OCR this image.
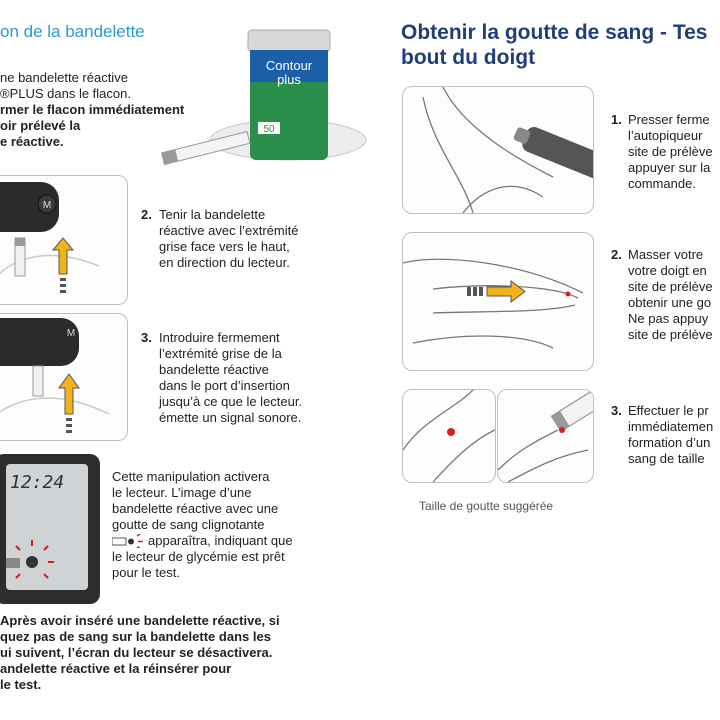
on de la bandelette
ne bandelette réactive
®PLUS dans le flacon.
rmer le flacon immédiatement
oir prélevé la
e réactive.
Contour
plus
50
M
2. Tenir la bandelette
réactive avec l’extrémité
grise face vers le haut,
en direction du lecteur.
M	3. Introduire fermement
l’extrémité grise de la
bandelette réactive
dans le port d’insertion
jusqu’à ce que le lecteur.
émette un signal sonore.
12:24	Cette manipulation activera
le lecteur. L’image d’une
bandelette réactive avec une
goutte de sang clignotante
apparaîtra, indiquant que
le lecteur de glycémie est prêt
pour le test.
Après avoir inséré une bandelette réactive, si
quez pas de sang sur la bandelette dans les
ui suivent, l’écran du lecteur se désactivera.
andelette réactive et la réinsérer pour
le test.
Obtenir la goutte de sang - Tes
bout du doigt
1. Presser ferme
l’autopiqueur
site de prélève
appuyer sur la
commande.
2. Masser votre
votre doigt en
site de prélève
obtenir une go
Ne pas appuy
site de prélève
3. Effectuer le pr
immédiatemen
formation d’un
sang de taille
Taille de goutte suggérée
